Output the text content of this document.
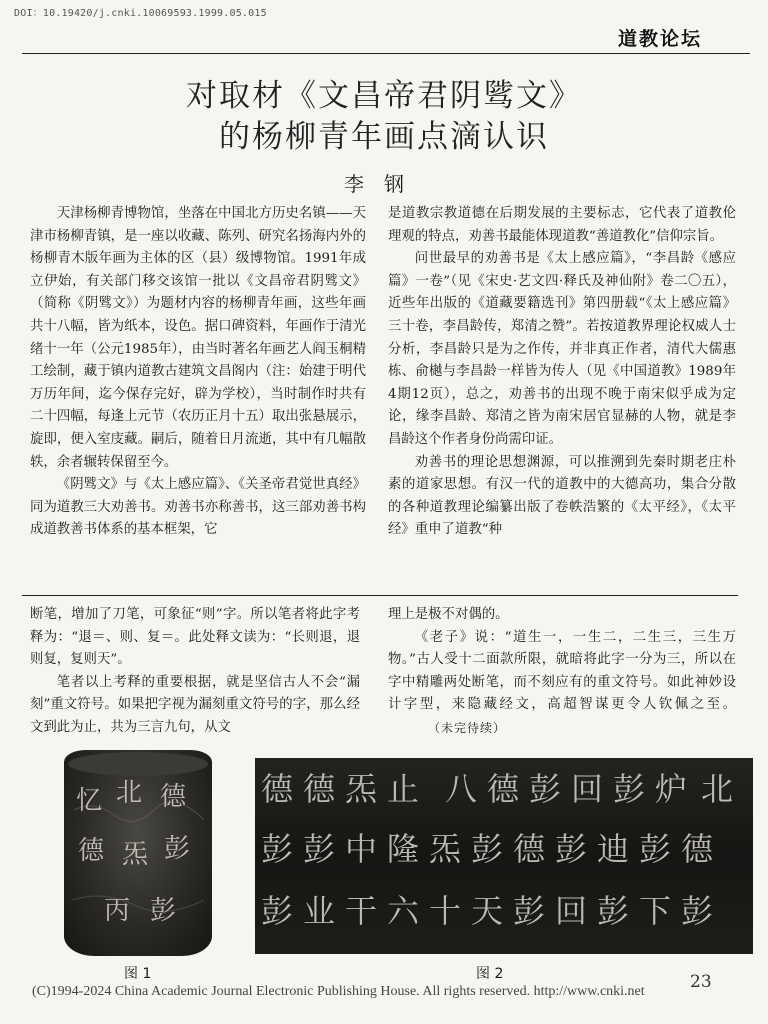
DOI：10.19420/j.cnki.10069593.1999.05.015
道教论坛
对取材《文昌帝君阴骘文》
的杨柳青年画点滴认识
李钢

天津杨柳青博物馆，坐落在中国北方历史名镇——天津市杨柳青镇，是一座以收藏、陈列、研究名扬海内外的杨柳青木版年画为主体的区（县）级博物馆。1991年成立伊始，有关部门移交该馆一批以《文昌帝君阴骘文》（简称《阴骘文》）为题材内容的杨柳青年画，这些年画共十八幅，皆为纸本，设色。据口碑资料，年画作于清光绪十一年（公元1985年），由当时著名年画艺人阎玉桐精工绘制，藏于镇内道教古建筑文昌阁内（注：始建于明代万历年间，迄今保存完好，辟为学校），当时制作时共有二十四幅，每逢上元节（农历正月十五）取出张悬展示，旋即，便入室庋藏。嗣后，随着日月流逝，其中有几幅散轶，余者辗转保留至今。

《阴骘文》与《太上感应篇》、《关圣帝君觉世真经》同为道教三大劝善书。劝善书亦称善书，这三部劝善书构成道教善书体系的基本框架，它

是道教宗教道德在后期发展的主要标志，它代表了道教伦理观的特点，劝善书最能体现道教“善道教化”信仰宗旨。

问世最早的劝善书是《太上感应篇》，“李昌龄《感应篇》一卷”（见《宋史·艺文四·释氏及神仙附》卷二〇五），近些年出版的《道藏要籍选刊》第四册载“《太上感应篇》三十卷，李昌龄传，郑清之赞”。若按道教界理论权威人士分析，李昌龄只是为之作传，并非真正作者，清代大儒惠栋、俞樾与李昌龄一样皆为传人（见《中国道教》1989年4期12页），总之，劝善书的出现不晚于南宋似乎成为定论，缘李昌龄、郑清之皆为南宋居官显赫的人物，就是李昌龄这个作者身份尚需印证。

劝善书的理论思想渊源，可以推溯到先秦时期老庄朴素的道家思想。有汉一代的道教中的大德高功，集合分散的各种道教理论编纂出版了卷帙浩繁的《太平经》，《太平经》重申了道教“种

断笔，增加了刀笔，可象征“则”字。所以笔者将此字考释为：“退＝、则、复＝。此处释文读为：“长则退，退则复，复则天”。

笔者以上考释的重要根据，就是坚信古人不会“漏刻”重文符号。如果把字视为漏刻重文符号的字，那么经文到此为止，共为三言九句，从文

理上是极不对偶的。

《老子》说：“道生一，一生二，二生三，三生万物。”古人受十二面款所限，就暗将此字一分为三，所以在字中精雕两处断笔，而不刻应有的重文符号。如此神妙设计字型，来隐藏经文，高超智谋更令人钦佩之至。（未完待续）

忆 北 德
德 炁 彭
丙 彭
德 德 炁 止 八 德 彭 回 彭 炉 北
彭 彭 中 隆 炁 彭 德 彭 迪 彭 德
彭 业 干 六 十 天 彭 回 彭 下 彭
图 1	图 2	23
(C)1994-2024 China Academic Journal Electronic Publishing House. All rights reserved. http://www.cnki.net
